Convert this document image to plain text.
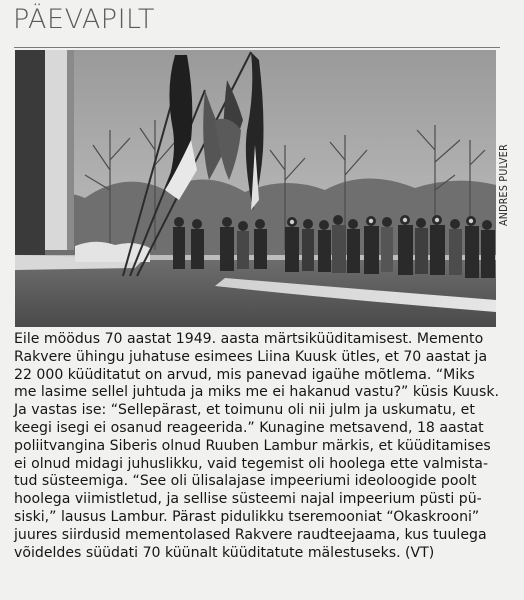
PÄEVAPILT
ANDRES PULVER
Eile möödus 70 aastat 1949. aasta märtsiküüditamisest. Memento
Rakvere ühingu juhatuse esimees Liina Kuusk ütles, et 70 aastat ja
22 000 küüditatut on arvud, mis panevad igaühe mõtlema. “Miks
me lasime sellel juhtuda ja miks me ei hakanud vastu?” küsis Kuusk.
Ja vastas ise: “Sellepärast, et toimunu oli nii julm ja uskumatu, et
keegi isegi ei osanud reageerida.” Kunagine metsavend, 18 aastat
poliitvangina Siberis olnud Ruuben Lambur märkis, et küüditamises
ei olnud midagi juhuslikku, vaid tegemist oli hoolega ette valmista-
tud süsteemiga. “See oli ülisalajase impeeriumi ideoloogide poolt
hoolega viimistletud, ja sellise süsteemi najal impeerium püsti pü-
siski,” lausus Lambur. Pärast pidulikku tseremooniat “Okaskrooni”
juures siirdusid mementolased Rakvere raudteejaama, kus tuulega
võideldes süüdati 70 küünalt küüditatute mälestuseks. (VT)
